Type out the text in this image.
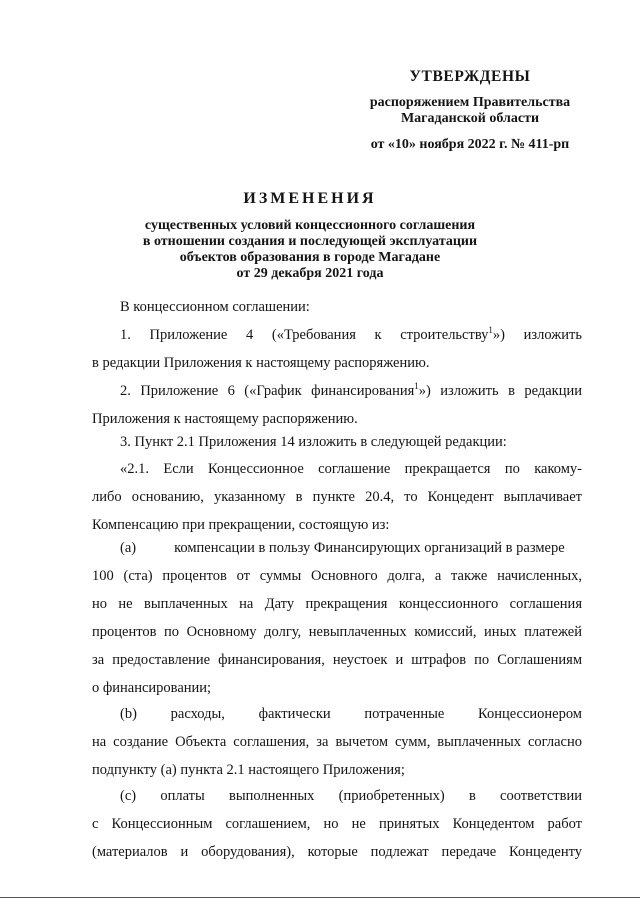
УТВЕРЖДЕНЫ
распоряжением Правительства
Магаданской области
от «10» ноября 2022 г. № 411-рп
ИЗМЕНЕНИЯ
существенных условий концессионного соглашения
в отношении создания и последующей эксплуатации
объектов образования в городе Магадане
от 29 декабря 2021 года
В концессионном соглашении:
1. Приложение 4 («Требования к строительству$^1$») изложить
в редакции Приложения к настоящему распоряжению.
2. Приложение 6 («График финансирования$^1$») изложить в редакции
Приложения к настоящему распоряжению.
3. Пункт 2.1 Приложения 14 изложить в следующей редакции:
«2.1. Если Концессионное соглашение прекращается по какому-
либо основанию, указанному в пункте 20.4, то Концедент выплачивает
Компенсацию при прекращении, состоящую из:
(a)	компенсации в пользу Финансирующих организаций в размере
100 (ста) процентов от суммы Основного долга, а также начисленных,
но не выплаченных на Дату прекращения концессионного соглашения
процентов по Основному долгу, невыплаченных комиссий, иных платежей
за предоставление финансирования, неустоек и штрафов по Соглашениям
о финансировании;
(b) расходы, фактически потраченные Концессионером
на создание Объекта соглашения, за вычетом сумм, выплаченных согласно
подпункту (а) пункта 2.1 настоящего Приложения;
(c) оплаты выполненных (приобретенных) в соответствии
с Концессионным соглашением, но не принятых Концедентом работ
(материалов и оборудования), которые подлежат передаче Концеденту
